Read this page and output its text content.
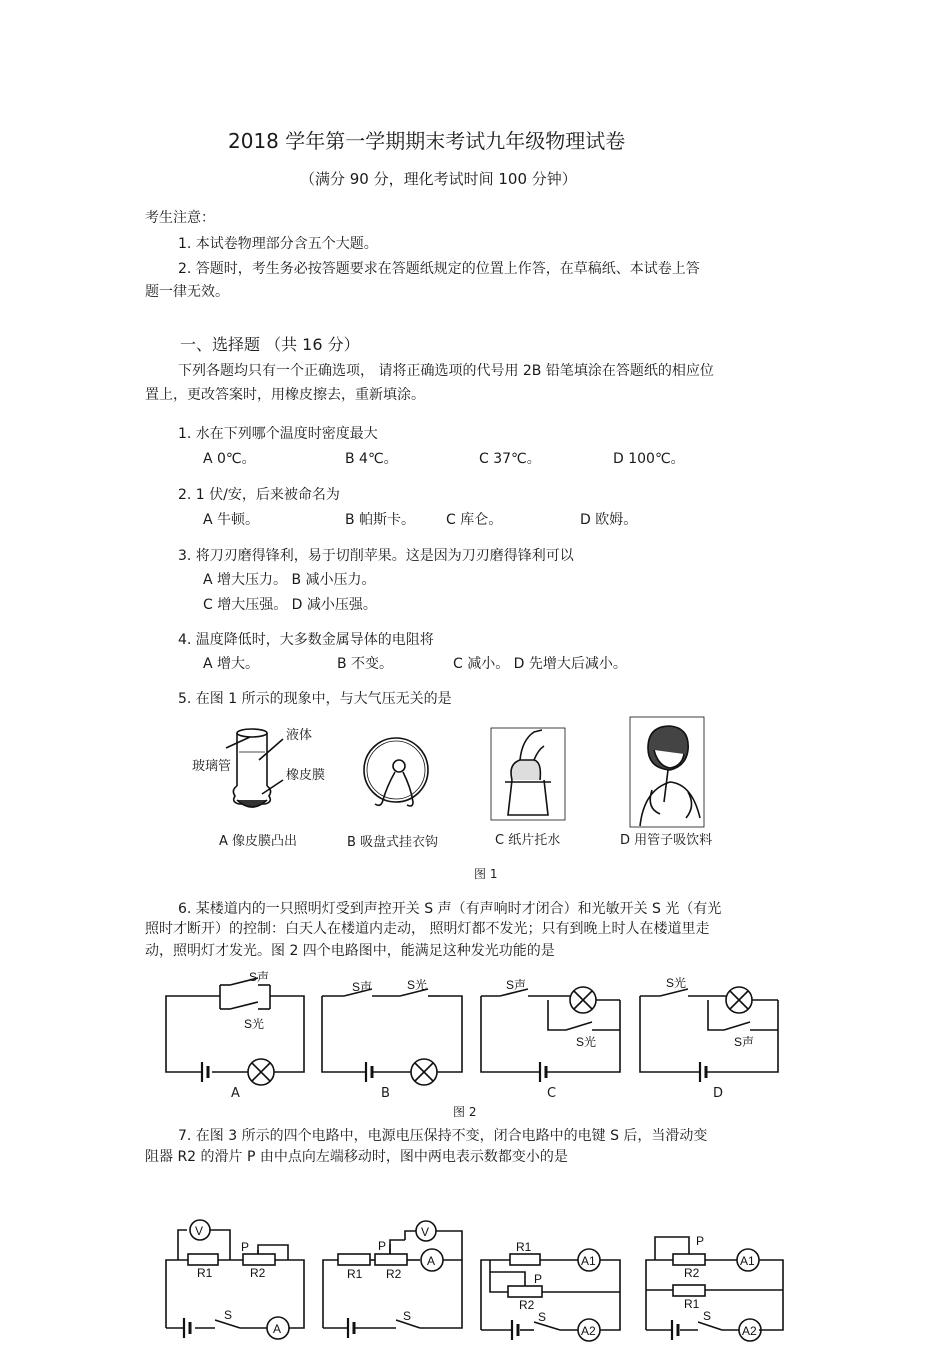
2018 学年第一学期期末考试九年级物理试卷
（满分 90 分，理化考试时间 100 分钟）
考生注意：
1. 本试卷物理部分含五个大题。
2. 答题时，考生务必按答题要求在答题纸规定的位置上作答，在草稿纸、本试卷上答
题一律无效。
一、选择题 （共 16 分）
下列各题均只有一个正确选项， 请将正确选项的代号用 2B 铅笔填涂在答题纸的相应位
置上，更改答案时，用橡皮擦去，重新填涂。
1. 水在下列哪个温度时密度最大
A 0℃。	B 4℃。	C 37℃。	D 100℃。
2. 1 伏/安，后来被命名为
A 牛顿。	B 帕斯卡。 C 库仑。	D 欧姆。
3. 将刀刃磨得锋利，易于切削苹果。这是因为刀刃磨得锋利可以
A 增大压力。 B 减小压力。
C 增大压强。 D 减小压强。
4. 温度降低时，大多数金属导体的电阻将
A 增大。	B 不变。	C 减小。 D 先增大后减小。
5. 在图 1 所示的现象中，与大气压无关的是
液体
玻璃管
橡皮膜
A 像皮膜凸出	B 吸盘式挂衣钩	C 纸片托水	D 用管子吸饮料
图 1
6. 某楼道内的一只照明灯受到声控开关 S 声（有声响时才闭合）和光敏开关 S 光（有光
照时才断开）的控制：白天人在楼道内走动， 照明灯都不发光；只有到晚上时人在楼道里走
动，照明灯才发光。图 2 四个电路图中，能满足这种发光功能的是
A	B	C	D
图 2
7. 在图 3 所示的四个电路中，电源电压保持不变，闭合电路中的电键 S 后，当滑动变
阻器 R2 的滑片 P 由中点向左端移动时，图中两电表示数都变小的是
S声
S光
S声	S光	S声
S光
S光
S声
V
P
R1	R2
S
A
V
P
R1 R2
A
S
R1
A1
P
R2
S
A2
P
A1
R2
R1
S
A2
